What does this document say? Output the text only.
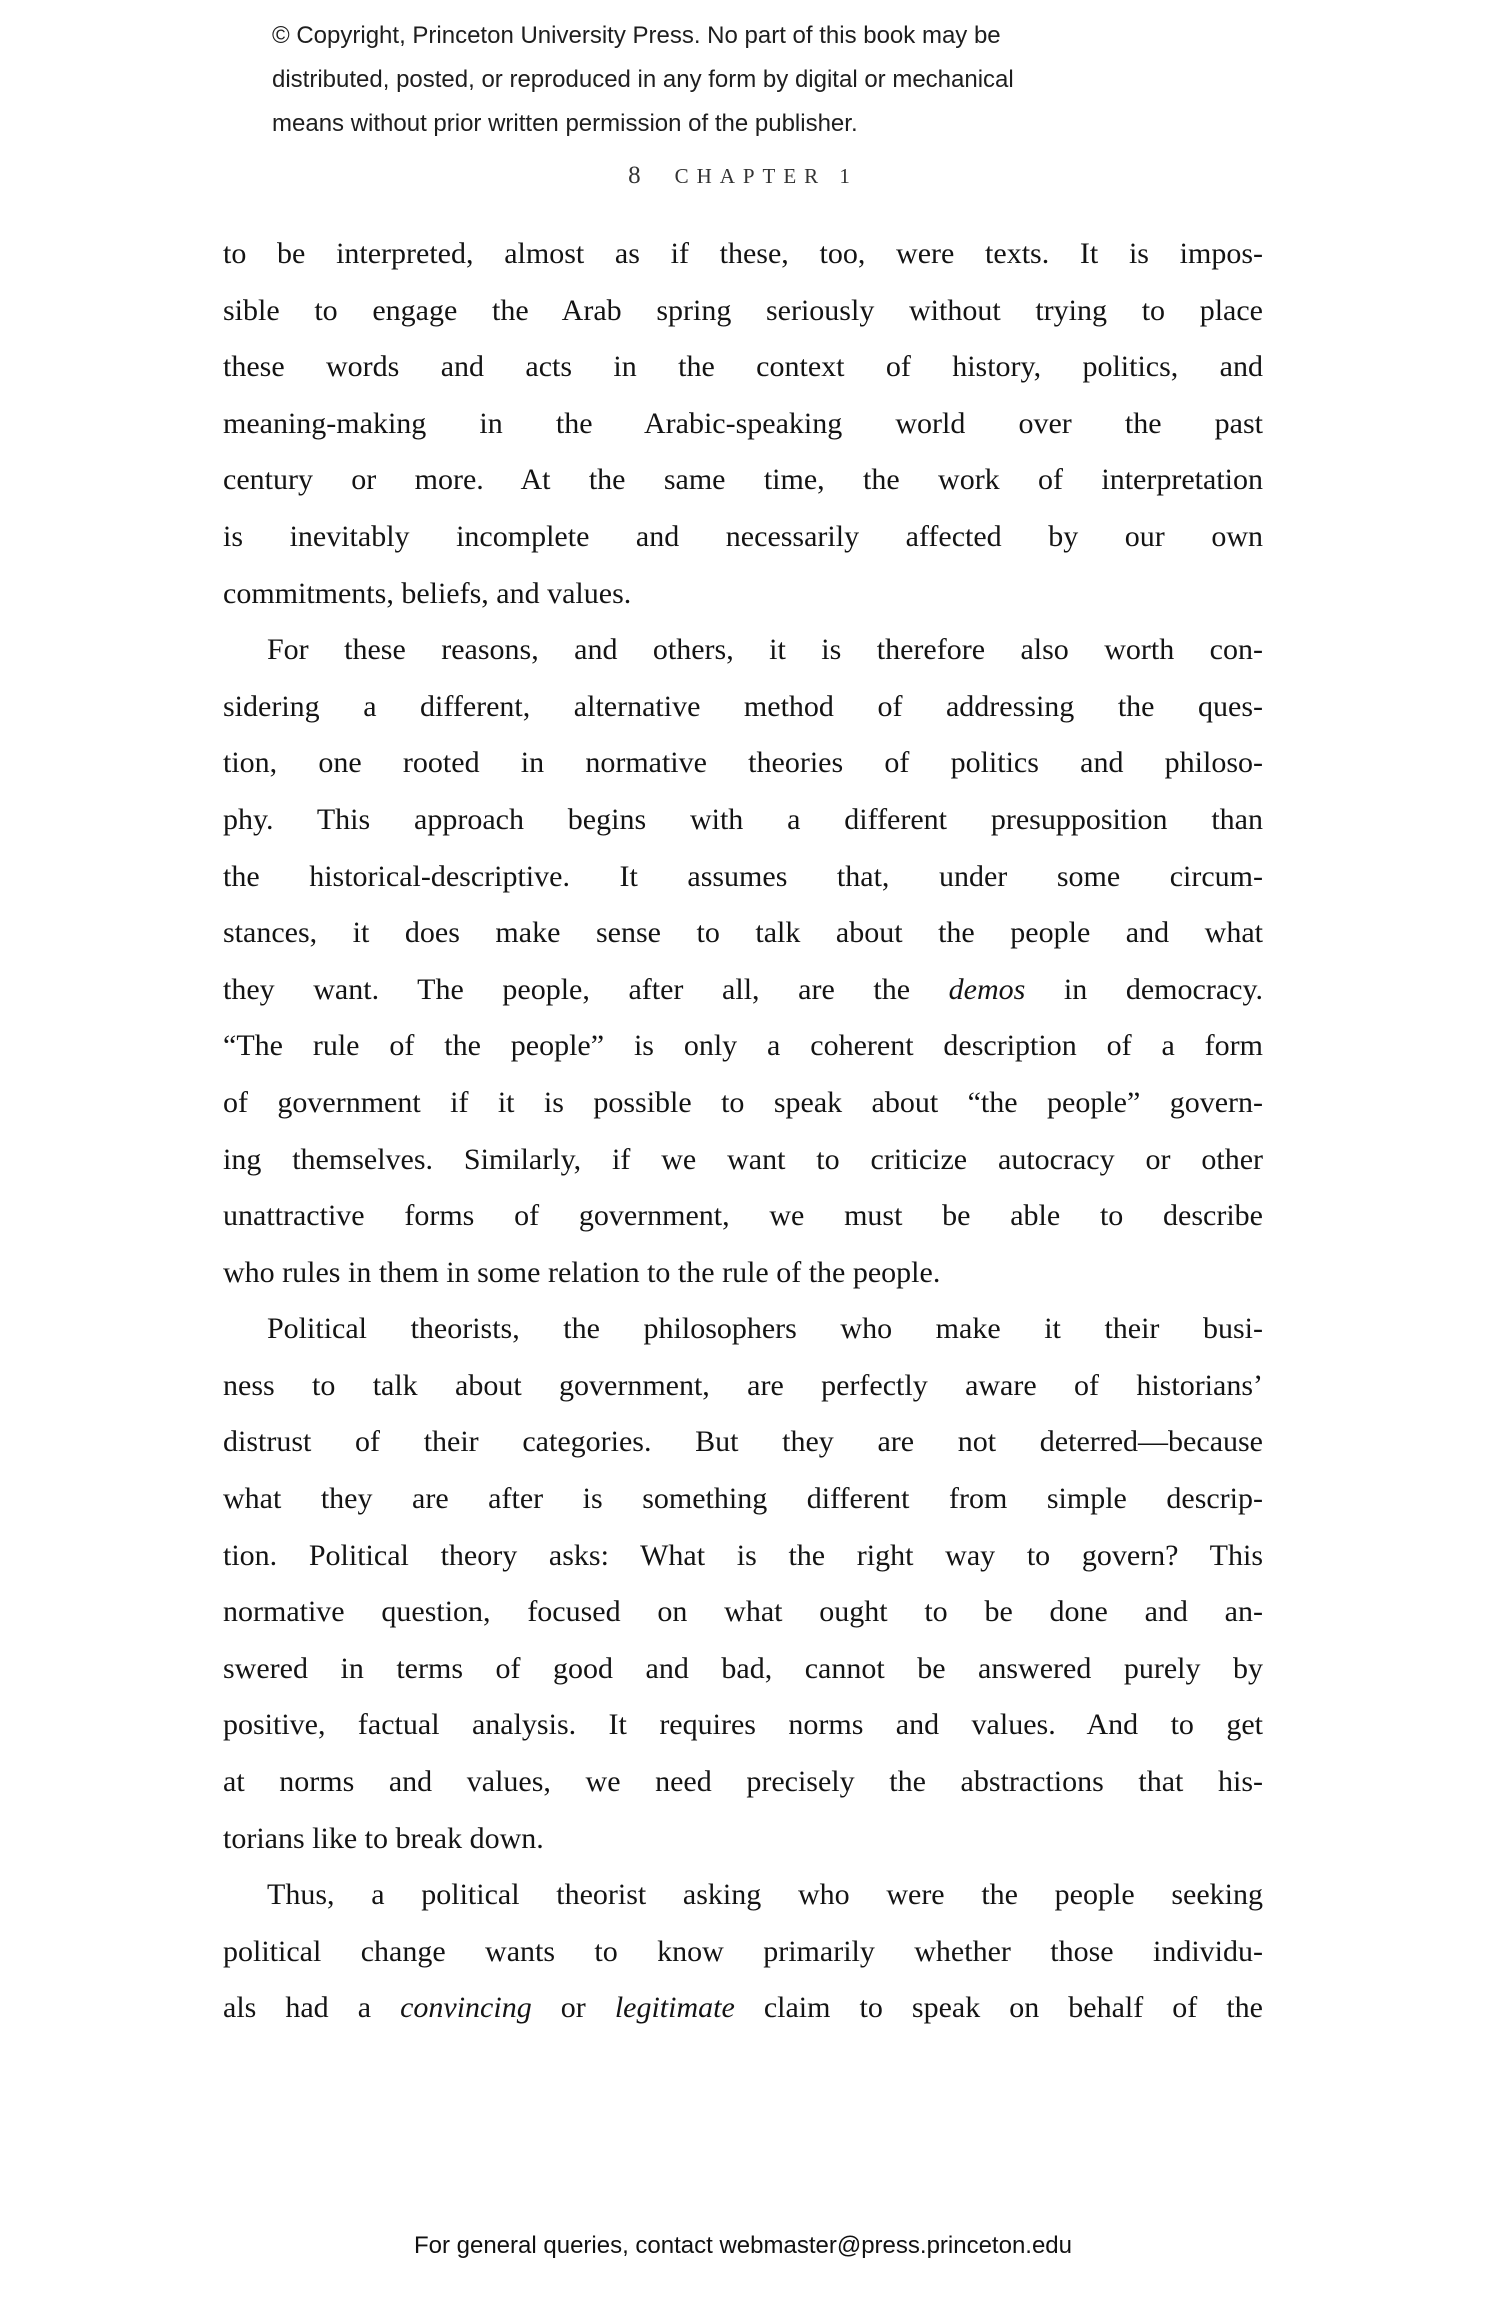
© Copyright, Princeton University Press. No part of this book may be
distributed, posted, or reproduced in any form by digital or mechanical
means without prior written permission of the publisher.
8 CHAPTER 1
to be interpreted, almost as if these, too, were texts. It is impos-
sible to engage the Arab spring seriously without trying to place
these words and acts in the context of history, politics, and
meaning-making in the Arabic-speaking world over the past
century or more. At the same time, the work of interpretation
is inevitably incomplete and necessarily affected by our own
commitments, beliefs, and values.
For these reasons, and others, it is therefore also worth con-
sidering a different, alternative method of addressing the ques-
tion, one rooted in normative theories of politics and philoso-
phy. This approach begins with a different presupposition than
the historical-descriptive. It assumes that, under some circum-
stances, it does make sense to talk about the people and what
they want. The people, after all, are the demos in democracy.
“The rule of the people” is only a coherent description of a form
of government if it is possible to speak about “the people” govern-
ing themselves. Similarly, if we want to criticize autocracy or other
unattractive forms of government, we must be able to describe
who rules in them in some relation to the rule of the people.
Political theorists, the philosophers who make it their busi-
ness to talk about government, are perfectly aware of historians’
distrust of their categories. But they are not deterred—because
what they are after is something different from simple descrip-
tion. Political theory asks: What is the right way to govern? This
normative question, focused on what ought to be done and an-
swered in terms of good and bad, cannot be answered purely by
positive, factual analysis. It requires norms and values. And to get
at norms and values, we need precisely the abstractions that his-
torians like to break down.
Thus, a political theorist asking who were the people seeking
political change wants to know primarily whether those individu-
als had a convincing or legitimate claim to speak on behalf of the
For general queries, contact webmaster@press.princeton.edu
